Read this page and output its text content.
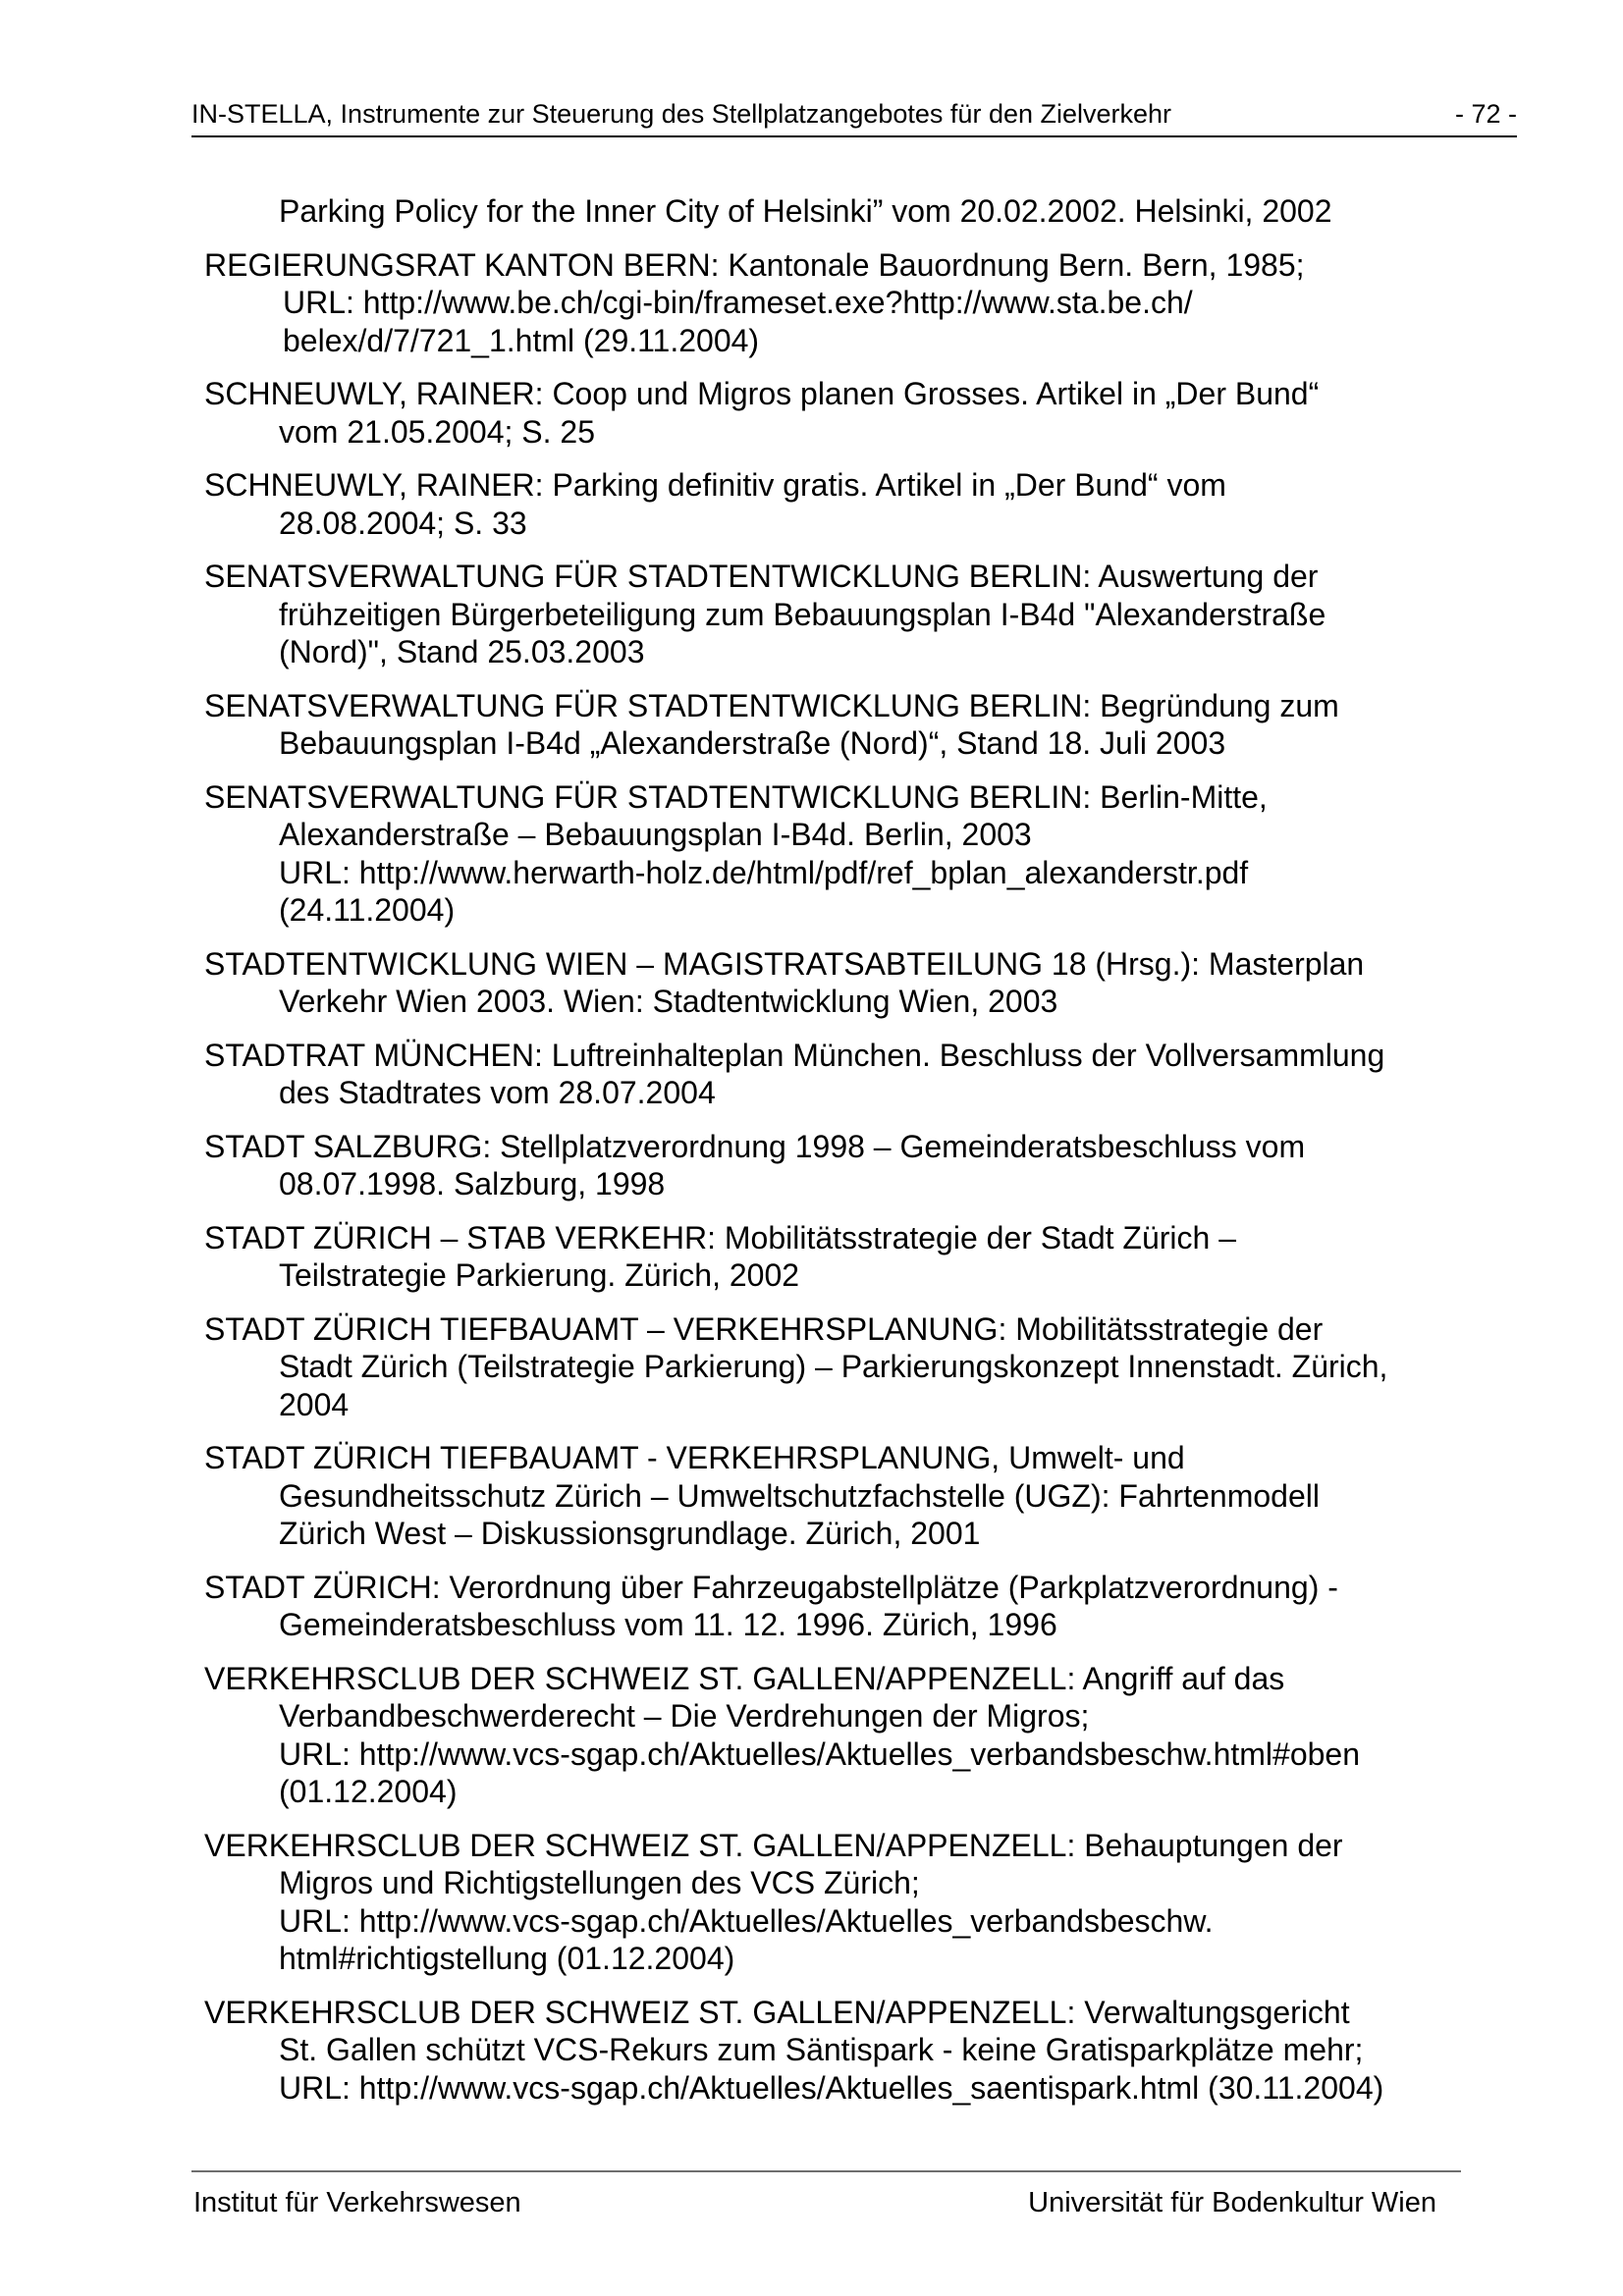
IN-STELLA, Instrumente zur Steuerung des Stellplatzangebotes für den Zielverkehr	- 72 -
Parking Policy for the Inner City of Helsinki” vom 20.02.2002. Helsinki, 2002
REGIERUNGSRAT KANTON BERN: Kantonale Bauordnung Bern. Bern, 1985;
URL: http://www.be.ch/cgi-bin/frameset.exe?http://www.sta.be.ch/
belex/d/7/721_1.html (29.11.2004)
SCHNEUWLY, RAINER: Coop und Migros planen Grosses. Artikel in „Der Bund“
vom 21.05.2004; S. 25
SCHNEUWLY, RAINER: Parking definitiv gratis. Artikel in „Der Bund“ vom
28.08.2004; S. 33
SENATSVERWALTUNG FÜR STADTENTWICKLUNG BERLIN: Auswertung der
frühzeitigen Bürgerbeteiligung zum Bebauungsplan I-B4d "Alexanderstraße
(Nord)", Stand 25.03.2003
SENATSVERWALTUNG FÜR STADTENTWICKLUNG BERLIN: Begründung zum
Bebauungsplan I-B4d „Alexanderstraße (Nord)“, Stand 18. Juli 2003
SENATSVERWALTUNG FÜR STADTENTWICKLUNG BERLIN: Berlin-Mitte,
Alexanderstraße – Bebauungsplan I-B4d. Berlin, 2003
URL: http://www.herwarth-holz.de/html/pdf/ref_bplan_alexanderstr.pdf
(24.11.2004)
STADTENTWICKLUNG WIEN – MAGISTRATSABTEILUNG 18 (Hrsg.): Masterplan
Verkehr Wien 2003. Wien: Stadtentwicklung Wien, 2003
STADTRAT MÜNCHEN: Luftreinhalteplan München. Beschluss der Vollversammlung
des Stadtrates vom 28.07.2004
STADT SALZBURG: Stellplatzverordnung 1998 – Gemeinderatsbeschluss vom
08.07.1998. Salzburg, 1998
STADT ZÜRICH – STAB VERKEHR: Mobilitätsstrategie der Stadt Zürich –
Teilstrategie Parkierung. Zürich, 2002
STADT ZÜRICH TIEFBAUAMT – VERKEHRSPLANUNG: Mobilitätsstrategie der
Stadt Zürich (Teilstrategie Parkierung) – Parkierungskonzept Innenstadt. Zürich,
2004
STADT ZÜRICH TIEFBAUAMT - VERKEHRSPLANUNG, Umwelt- und
Gesundheitsschutz Zürich – Umweltschutzfachstelle (UGZ): Fahrtenmodell
Zürich West – Diskussionsgrundlage. Zürich, 2001
STADT ZÜRICH: Verordnung über Fahrzeugabstellplätze (Parkplatzverordnung) -
Gemeinderatsbeschluss vom 11. 12. 1996. Zürich, 1996
VERKEHRSCLUB DER SCHWEIZ ST. GALLEN/APPENZELL: Angriff auf das
Verbandbeschwerderecht – Die Verdrehungen der Migros;
URL: http://www.vcs-sgap.ch/Aktuelles/Aktuelles_verbandsbeschw.html#oben
(01.12.2004)
VERKEHRSCLUB DER SCHWEIZ ST. GALLEN/APPENZELL: Behauptungen der
Migros und Richtigstellungen des VCS Zürich;
URL: http://www.vcs-sgap.ch/Aktuelles/Aktuelles_verbandsbeschw.
html#richtigstellung (01.12.2004)
VERKEHRSCLUB DER SCHWEIZ ST. GALLEN/APPENZELL: Verwaltungsgericht
St. Gallen schützt VCS-Rekurs zum Säntispark - keine Gratisparkplätze mehr;
URL: http://www.vcs-sgap.ch/Aktuelles/Aktuelles_saentispark.html (30.11.2004)
Institut für Verkehrswesen	Universität für Bodenkultur Wien
